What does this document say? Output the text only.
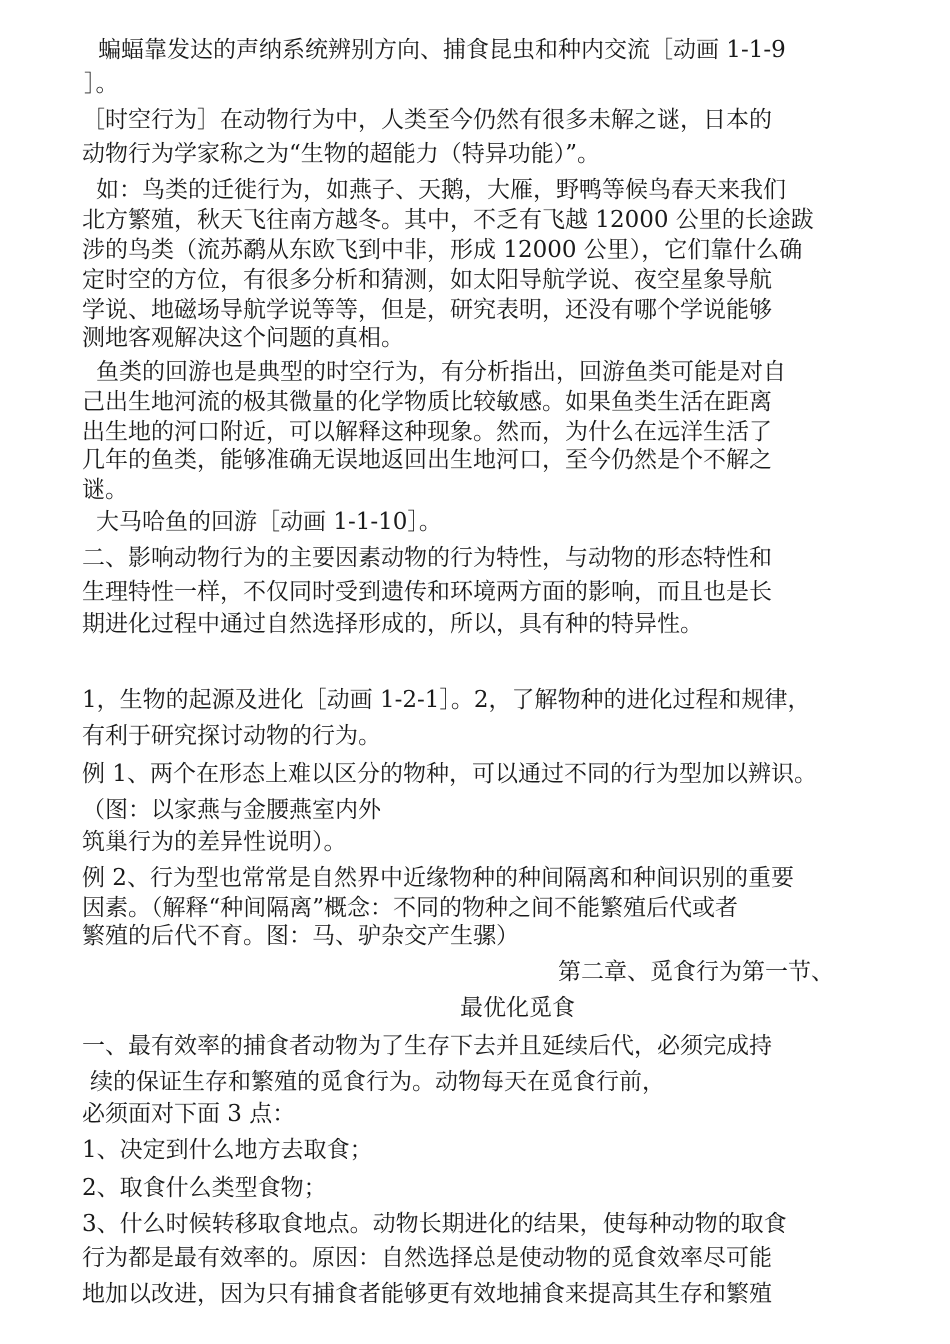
蝙蝠靠发达的声纳系统辨别方向、捕食昆虫和种内交流［动画 1-1-9

］。

［时空行为］在动物行为中，人类至今仍然有很多未解之谜，日本的

动物行为学家称之为“生物的超能力（特异功能）”。

如：鸟类的迁徙行为，如燕子、天鹅，大雁，野鸭等候鸟春天来我们

北方繁殖，秋天飞往南方越冬。其中，不乏有飞越 12000 公里的长途跋

涉的鸟类（流苏鹬从东欧飞到中非，形成 12000 公里），它们靠什么确

定时空的方位，有很多分析和猜测，如太阳导航学说、夜空星象导航

学说、地磁场导航学说等等，但是，研究表明，还没有哪个学说能够

测地客观解决这个问题的真相。

鱼类的回游也是典型的时空行为，有分析指出，回游鱼类可能是对自

己出生地河流的极其微量的化学物质比较敏感。如果鱼类生活在距离

出生地的河口附近，可以解释这种现象。然而，为什么在远洋生活了

几年的鱼类，能够准确无误地返回出生地河口，至今仍然是个不解之

谜。

大马哈鱼的回游［动画 1-1-10］。

二、影响动物行为的主要因素动物的行为特性，与动物的形态特性和

生理特性一样，不仅同时受到遗传和环境两方面的影响，而且也是长

期进化过程中通过自然选择形成的，所以，具有种的特异性。

1，生物的起源及进化［动画 1-2-1］。2，了解物种的进化过程和规律，

有利于研究探讨动物的行为。

例 1、两个在形态上难以区分的物种，可以通过不同的行为型加以辨识。

（图：以家燕与金腰燕室内外

筑巢行为的差异性说明）。

例 2、行为型也常常是自然界中近缘物种的种间隔离和种间识别的重要

因素。（解释“种间隔离”概念：不同的物种之间不能繁殖后代或者

繁殖的后代不育。图：马、驴杂交产生骡）

第二章、觅食行为第一节、

最优化觅食

一、最有效率的捕食者动物为了生存下去并且延续后代，必须完成持

续的保证生存和繁殖的觅食行为。动物每天在觅食行前，

必须面对下面 3 点：

1、决定到什么地方去取食；

2、取食什么类型食物；

3、什么时候转移取食地点。动物长期进化的结果，使每种动物的取食

行为都是最有效率的。原因：自然选择总是使动物的觅食效率尽可能

地加以改进，因为只有捕食者能够更有效地捕食来提高其生存和繁殖
